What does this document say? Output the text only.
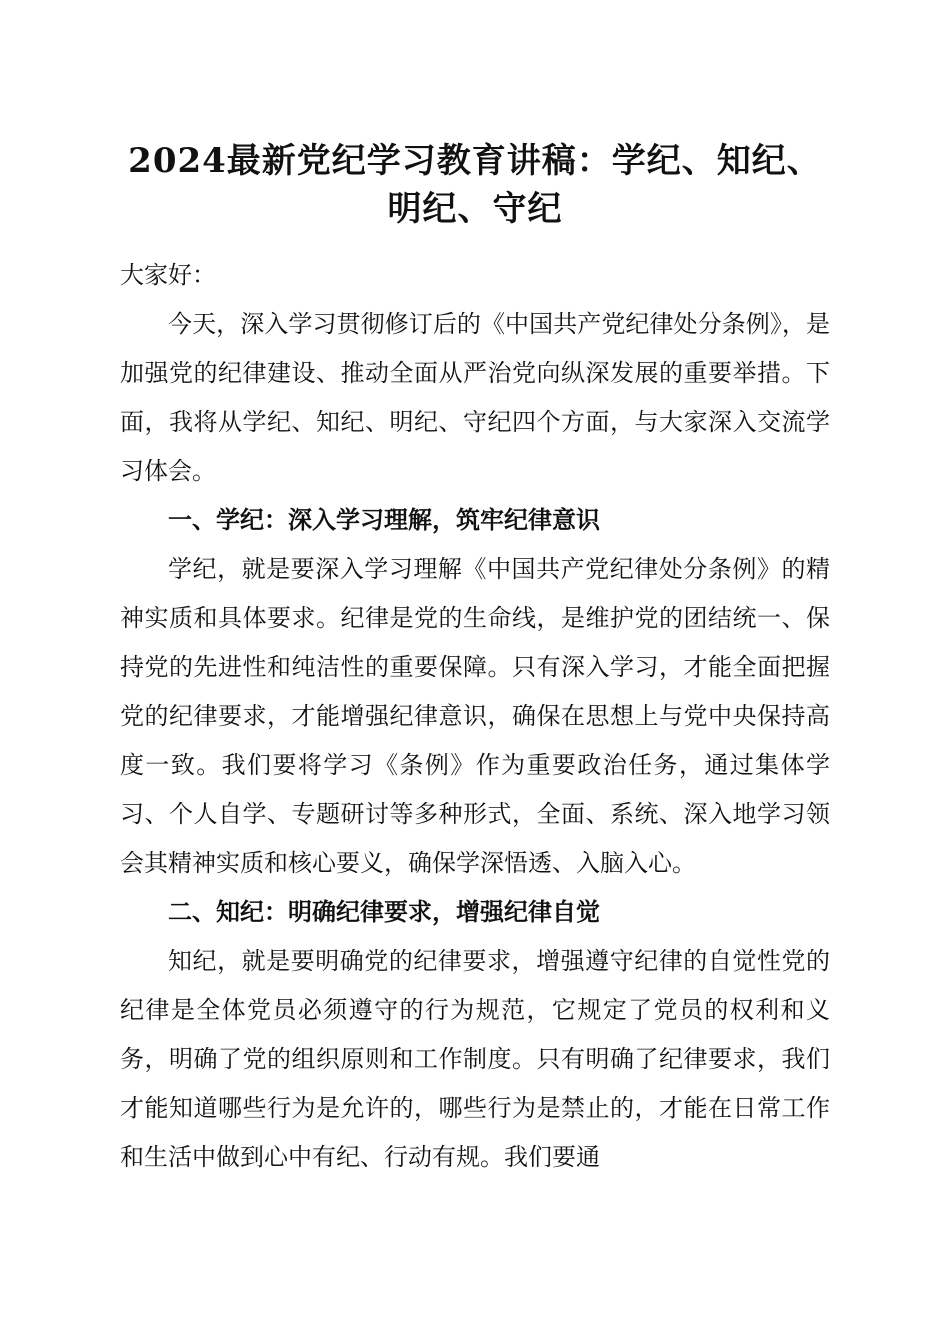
2024最新党纪学习教育讲稿：学纪、知纪、
明纪、守纪

大家好：

今天，深入学习贯彻修订后的《中国共产党纪律处分条例》，是加强党的纪律建设、推动全面从严治党向纵深发展的重要举措。下面，我将从学纪、知纪、明纪、守纪四个方面，与大家深入交流学习体会。

一、学纪：深入学习理解，筑牢纪律意识

学纪，就是要深入学习理解《中国共产党纪律处分条例》的精神实质和具体要求。纪律是党的生命线，是维护党的团结统一、保持党的先进性和纯洁性的重要保障。只有深入学习，才能全面把握党的纪律要求，才能增强纪律意识，确保在思想上与党中央保持高度一致。我们要将学习《条例》作为重要政治任务，通过集体学习、个人自学、专题研讨等多种形式，全面、系统、深入地学习领会其精神实质和核心要义，确保学深悟透、入脑入心。

二、知纪：明确纪律要求，增强纪律自觉

知纪，就是要明确党的纪律要求，增强遵守纪律的自觉性党的纪律是全体党员必须遵守的行为规范，它规定了党员的权利和义务，明确了党的组织原则和工作制度。只有明确了纪律要求，我们才能知道哪些行为是允许的，哪些行为是禁止的，才能在日常工作和生活中做到心中有纪、行动有规。我们要通
